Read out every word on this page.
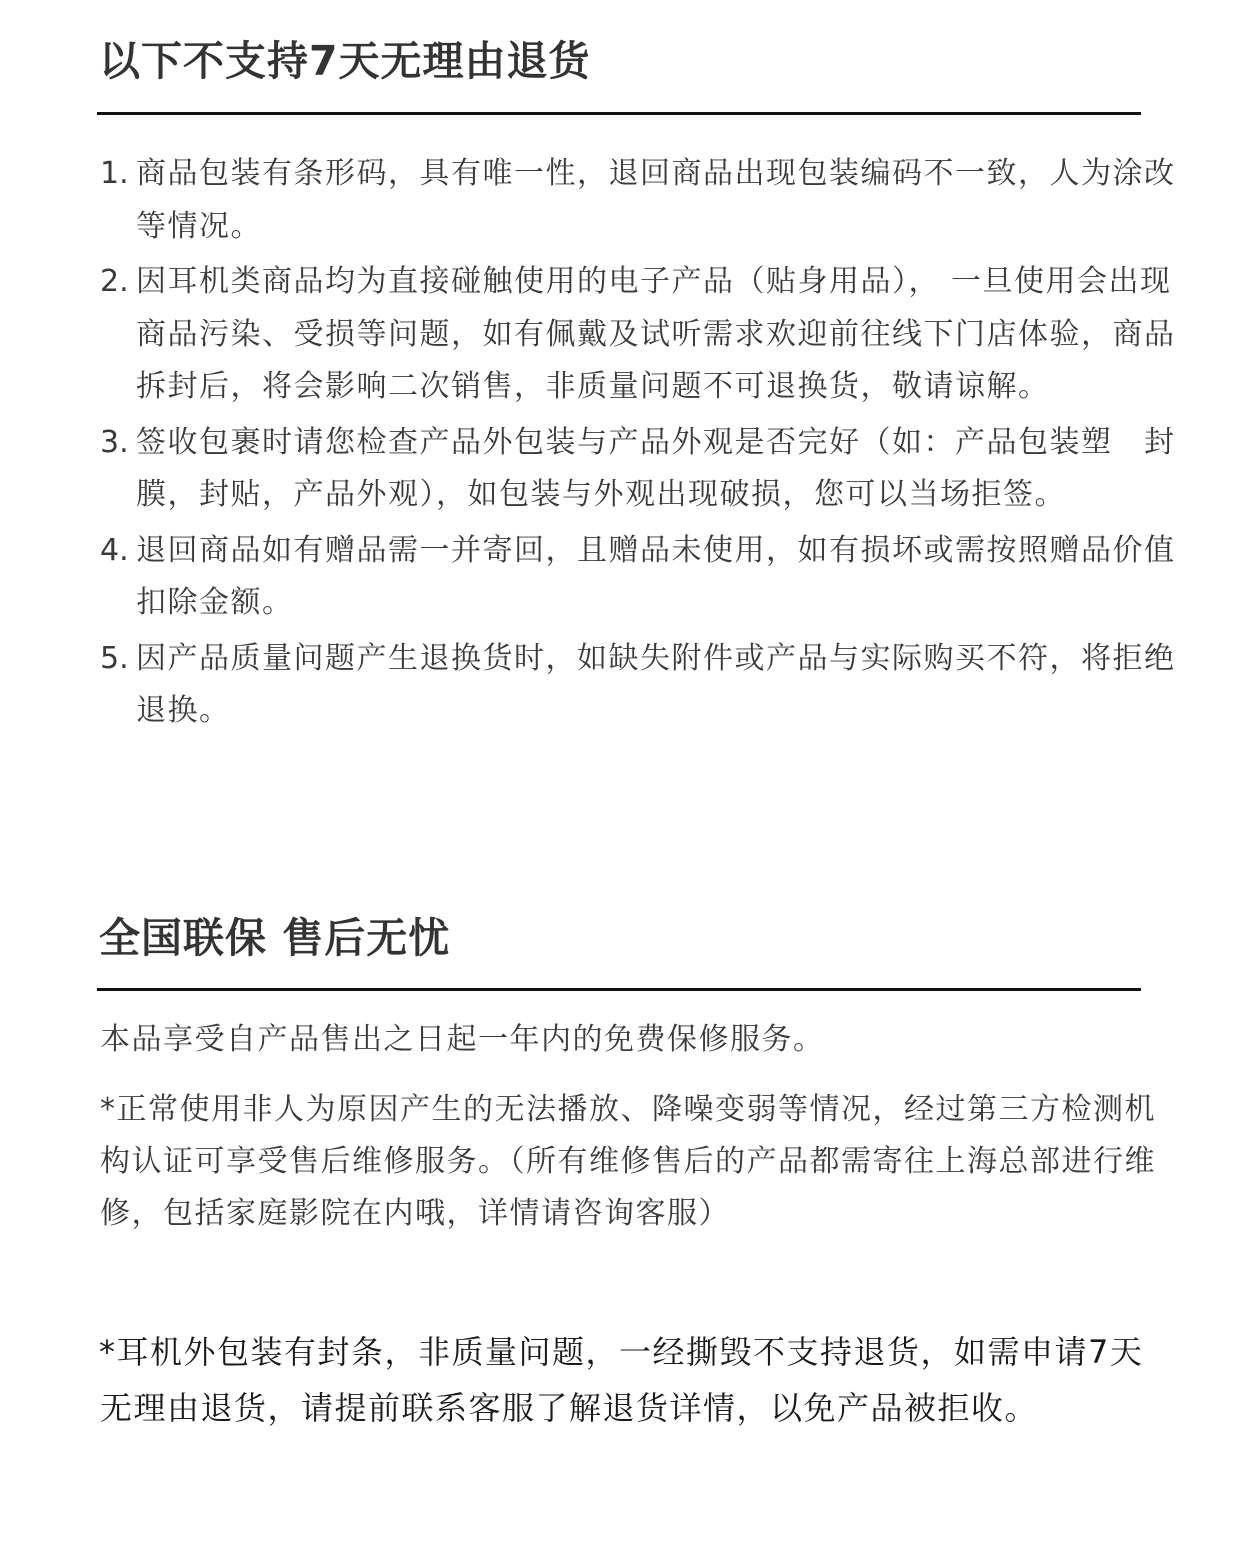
以下不支持7天无理由退货
1. 商品包装有条形码，具有唯一性，退回商品出现包装编码不一致，人为涂改等情况。
2. 因耳机类商品均为直接碰触使用的电子产品（贴身用品）， 一旦使用会出现商品污染、受损等问题，如有佩戴及试听需求欢迎前往线下门店体验，商品拆封后，将会影响二次销售，非质量问题不可退换货，敬请谅解。
3. 签收包裹时请您检查产品外包装与产品外观是否完好（如：产品包装塑　封膜，封贴，产品外观），如包装与外观出现破损，您可以当场拒签。
4. 退回商品如有赠品需一并寄回，且赠品未使用，如有损坏或需按照赠品价值扣除金额。
5. 因产品质量问题产生退换货时，如缺失附件或产品与实际购买不符，将拒绝退换。
全国联保 售后无忧

本品享受自产品售出之日起一年内的免费保修服务。

*正常使用非人为原因产生的无法播放、降噪变弱等情况，经过第三方检测机构认证可享受售后维修服务。（所有维修售后的产品都需寄往上海总部进行维修，包括家庭影院在内哦，详情请咨询客服）

*耳机外包装有封条，非质量问题，一经撕毁不支持退货，如需申请7天无理由退货，请提前联系客服了解退货详情，以免产品被拒收。
